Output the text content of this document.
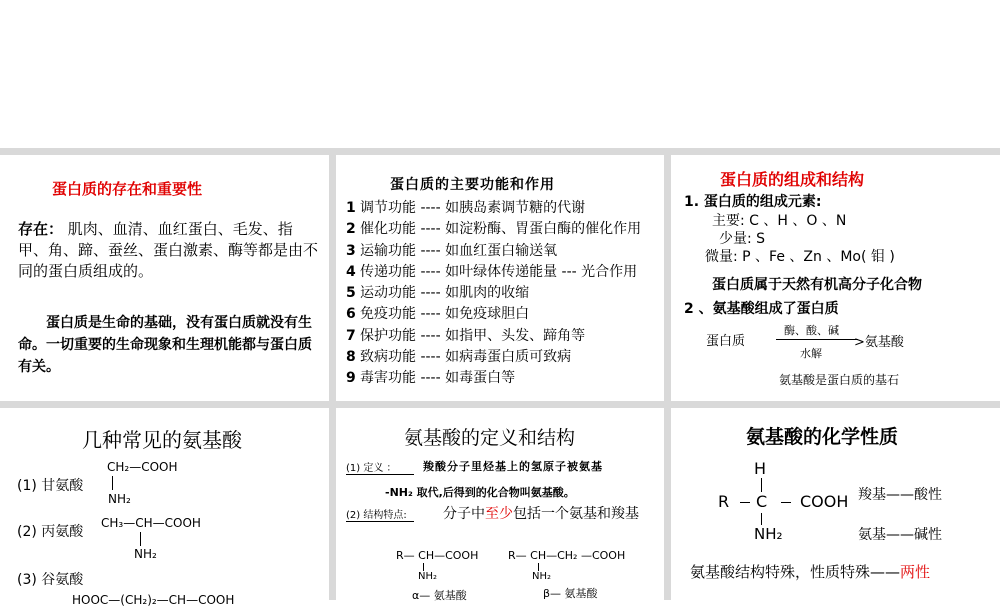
蛋白质的存在和重要性
存在： 肌肉、血清、血红蛋白、毛发、指甲、角、蹄、蚕丝、蛋白激素、酶等都是由不同的蛋白质组成的。
蛋白质是生命的基础，没有蛋白质就没有生命。一切重要的生命现象和生理机能都与蛋白质有关。
蛋白质的主要功能和作用
1 调节功能 ---- 如胰岛素调节糖的代谢
2 催化功能 ---- 如淀粉酶、胃蛋白酶的催化作用
3 运输功能 ---- 如血红蛋白输送氧
4 传递功能 ---- 如叶绿体传递能量 --- 光合作用
5 运动功能 ---- 如肌肉的收缩
6 免疫功能 ---- 如免疫球胆白
7 保护功能 ---- 如指甲、头发、蹄角等
8 致病功能 ---- 如病毒蛋白质可致病
9 毒害功能 ---- 如毒蛋白等
蛋白质的组成和结构
1. 蛋白质的组成元素:
主要: C 、H 、O 、N
少量: S
微量: P 、Fe 、Zn 、Mo( 钼 )
蛋白质属于天然有机高分子化合物
2 、氨基酸组成了蛋白质
蛋白质
酶、酸、碱
>氨基酸
水解
氨基酸是蛋白质的基石
几种常见的氨基酸
(1) 甘氨酸
CH₂—COOH
NH₂
(2) 丙氨酸
CH₃—CH—COOH
NH₂
(3) 谷氨酸
HOOC—(CH₂)₂—CH—COOH
氨基酸的定义和结构
(1) 定义 ：	羧酸分子里烃基上的氢原子被氨基
-NH₂ 取代,后得到的化合物叫氨基酸。
(2) 结构特点:	分子中至少包括一个氨基和羧基
R— CH—COOH
NH₂
α— 氨基酸
R— CH—CH₂ —COOH
NH₂
β— 氨基酸
氨基酸的化学性质
H
R C COOH
NH₂
羧基——酸性
氨基——碱性
氨基酸结构特殊，性质特殊——两性
